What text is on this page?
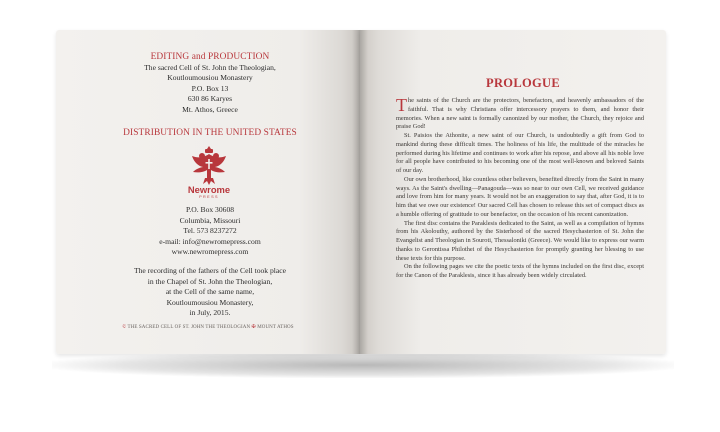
EDITING and PRODUCTION
The sacred Cell of St. John the Theologian,
Koutloumousiou Monastery
P.O. Box 13
630 86 Karyes
Mt. Athos, Greece
DISTRIBUTION IN THE UNITED STATES
Newrome
PRESS
P.O. Box 30608
Columbia, Missouri
Tel. 573 8237272
e-mail: info@newromepress.com
www.newromepress.com
The recording of the fathers of the Cell took place
in the Chapel of St. John the Theologian,
at the Cell of the same name,
Koutloumousiou Monastery,
in July, 2015.
© THE SACRED CELL OF ST. JOHN THE THEOLOGIAN ✠ MOUNT ATHOS
PROLOGUE

The saints of the Church are the protectors, benefactors, and heavenly ambassadors of the faithful. That is why Christians offer intercessory prayers to them, and honor their memories. When a new saint is formally canonized by our mother, the Church, they rejoice and praise God!

St. Paisios the Athonite, a new saint of our Church, is undoubtedly a gift from God to mankind during these difficult times. The holiness of his life, the multitude of the miracles he performed during his lifetime and continues to work after his repose, and above all his noble love for all people have contributed to his becoming one of the most well-known and beloved Saints of our day.

Our own brotherhood, like countless other believers, benefited directly from the Saint in many ways. As the Saint's dwelling—Panagouda—was so near to our own Cell, we received guidance and love from him for many years. It would not be an exaggeration to say that, after God, it is to him that we owe our existence! Our sacred Cell has chosen to release this set of compact discs as a humble offering of gratitude to our benefactor, on the occasion of his recent canonization.

The first disc contains the Paraklesis dedicated to the Saint, as well as a compilation of hymns from his Akolouthy, authored by the Sisterhood of the sacred Hesychasterion of St. John the Evangelist and Theologian in Souroti, Thessaloniki (Greece). We would like to express our warm thanks to Gerontissa Philothei of the Hesychasterion for promptly granting her blessing to use these texts for this purpose.

On the following pages we cite the poetic texts of the hymns included on the first disc, except for the Canon of the Paraklesis, since it has already been widely circulated.
